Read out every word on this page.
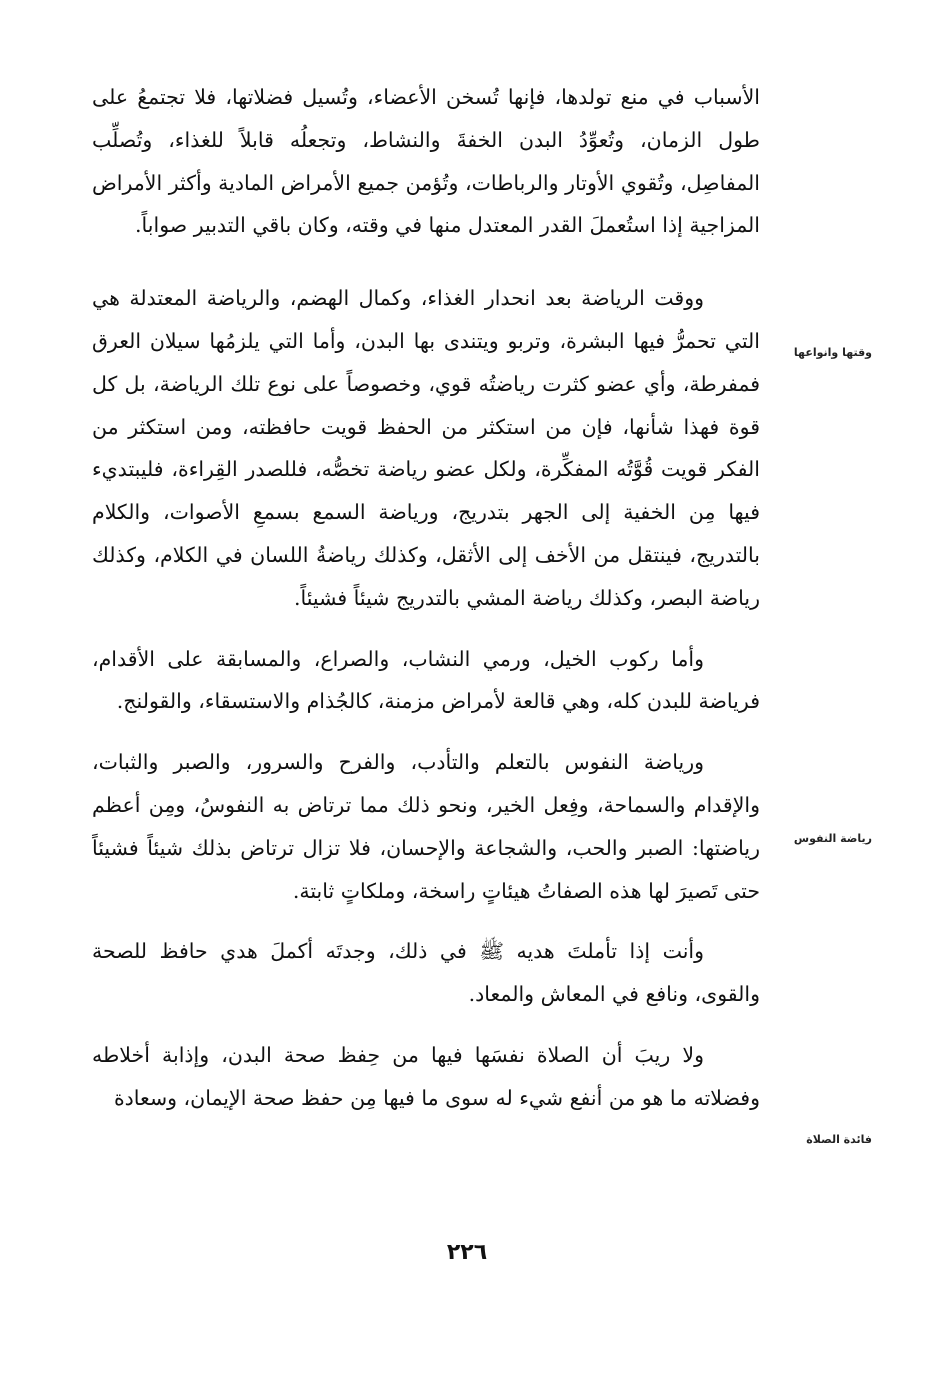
الأسباب في منع تولدها، فإنها تُسخن الأعضاء، وتُسيل فضلاتها، فلا تجتمعُ على طول الزمان، وتُعوِّدُ البدن الخفةَ والنشاط، وتجعلُه قابلاً للغذاء، وتُصلِّب المفاصِل، وتُقوي الأوتار والرباطات، وتُؤمن جميع الأمراض المادية وأكثر الأمراض المزاجية إذا استُعملَ القدر المعتدل منها في وقته، وكان باقي التدبير صواباً.

ووقت الرياضة بعد انحدار الغذاء، وكمال الهضم، والرياضة المعتدلة هي التي تحمرُّ فيها البشرة، وتربو ويتندى بها البدن، وأما التي يلزمُها سيلان العرق فمفرطة، وأي عضو كثرت رياضتُه قوي، وخصوصاً على نوع تلك الرياضة، بل كل قوة فهذا شأنها، فإن من استكثر من الحفظ قويت حافظته، ومن استكثر من الفكر قويت قُوَّتُه المفكِّرة، ولكل عضو رياضة تخصُّه، فللصدر القِراءة، فليبتديء فيها مِن الخفية إلى الجهر بتدريج، ورياضة السمع بسمعِ الأصوات، والكلام بالتدريج، فينتقل من الأخف إلى الأثقل، وكذلك رياضةُ اللسان في الكلام، وكذلك رياضة البصر، وكذلك رياضة المشي بالتدريج شيئاً فشيئاً.

وأما ركوب الخيل، ورمي النشاب، والصراع، والمسابقة على الأقدام، فرياضة للبدن كله، وهي قالعة لأمراض مزمنة، كالجُذام والاستسقاء، والقولنج.

ورياضة النفوس بالتعلم والتأدب، والفرح والسرور، والصبر والثبات، والإقدام والسماحة، وفِعل الخير، ونحو ذلك مما ترتاض به النفوسُ، ومِن أعظم رياضتها: الصبر والحب، والشجاعة والإحسان، فلا تزال ترتاض بذلك شيئاً فشيئاً حتى تَصيرَ لها هذه الصفاتُ هيئاتٍ راسخة، وملكاتٍ ثابتة.

وأنت إذا تأملتَ هديه ﷺ في ذلك، وجدتَه أكملَ هدي حافظ للصحة والقوى، ونافع في المعاش والمعاد.

ولا ريبَ أن الصلاة نفسَها فيها من حِفظ صحة البدن، وإذابة أخلاطه وفضلاته ما هو من أنفع شيء له سوى ما فيها مِن حفظ صحة الإيمان، وسعادة

وقتها وانواعها
رياضة النفوس
فائدة الصلاة
٢٢٦
